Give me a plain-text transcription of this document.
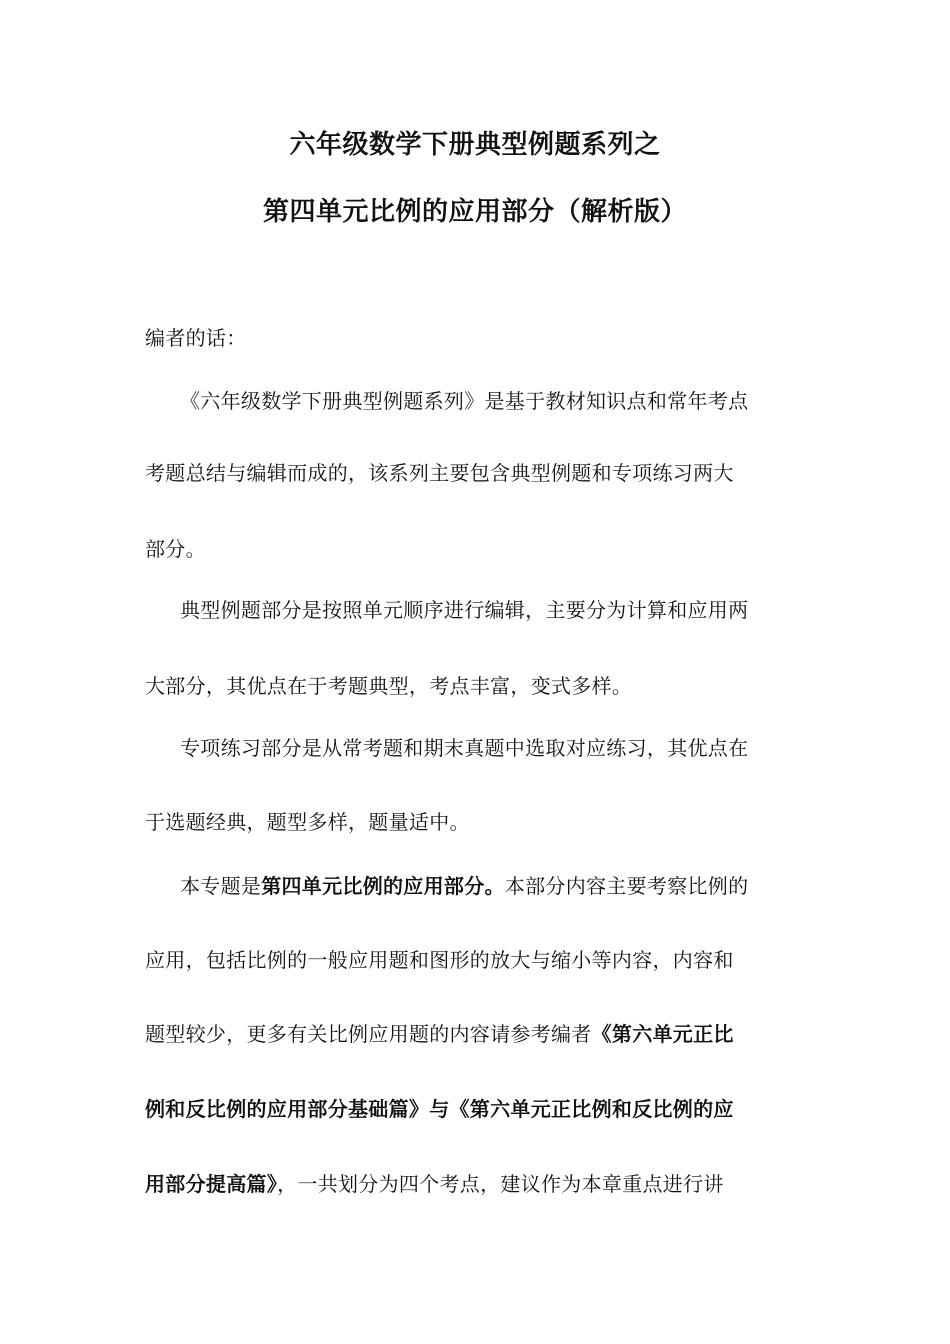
六年级数学下册典型例题系列之
第四单元比例的应用部分（解析版）
编者的话：
《六年级数学下册典型例题系列》是基于教材知识点和常年考点
考题总结与编辑而成的，该系列主要包含典型例题和专项练习两大
部分。
典型例题部分是按照单元顺序进行编辑，主要分为计算和应用两
大部分，其优点在于考题典型，考点丰富，变式多样。
专项练习部分是从常考题和期末真题中选取对应练习，其优点在
于选题经典，题型多样，题量适中。
本专题是第四单元比例的应用部分。本部分内容主要考察比例的
应用，包括比例的一般应用题和图形的放大与缩小等内容，内容和
题型较少，更多有关比例应用题的内容请参考编者《第六单元正比
例和反比例的应用部分基础篇》与《第六单元正比例和反比例的应
用部分提高篇》，一共划分为四个考点，建议作为本章重点进行讲
